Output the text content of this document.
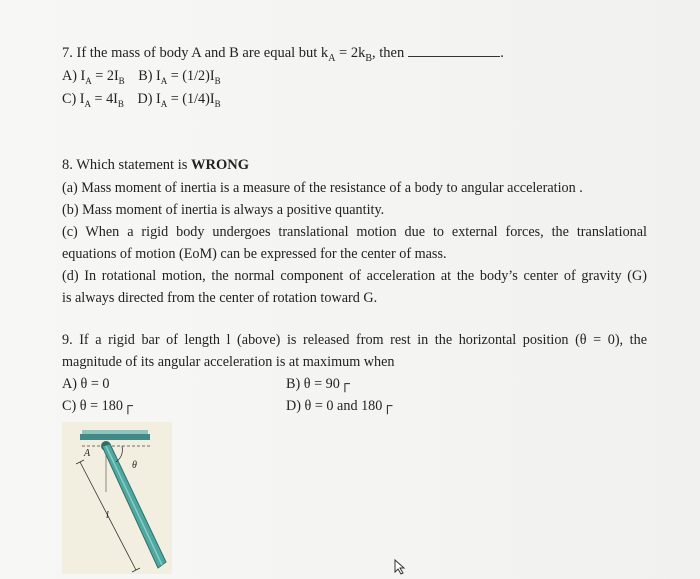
7. If the mass of body A and B are equal but $k_A = 2k_B$, then	.
A) $I_A = 2I_B$ B) $I_A = (1/2)I_B$
C) $I_A = 4I_B$ D) $I_A = (1/4)I_B$
8. Which statement is WRONG
(a) Mass moment of inertia is a measure of the resistance of a body to angular acceleration .
(b) Mass moment of inertia is always a positive quantity.
(c) When a rigid body undergoes translational motion due to external forces, the translational
equations of motion (EoM) can be expressed for the center of mass.
(d) In rotational motion, the normal component of acceleration at the body’s center of gravity (G)
is always directed from the center of rotation toward G.
9. If a rigid bar of length l (above) is released from rest in the horizontal position (θ = 0), the
magnitude of its angular acceleration is at maximum when
A) θ = 0	B) θ = 90┌
C) θ = 180┌	D) θ = 0 and 180┌
A
θ
l
